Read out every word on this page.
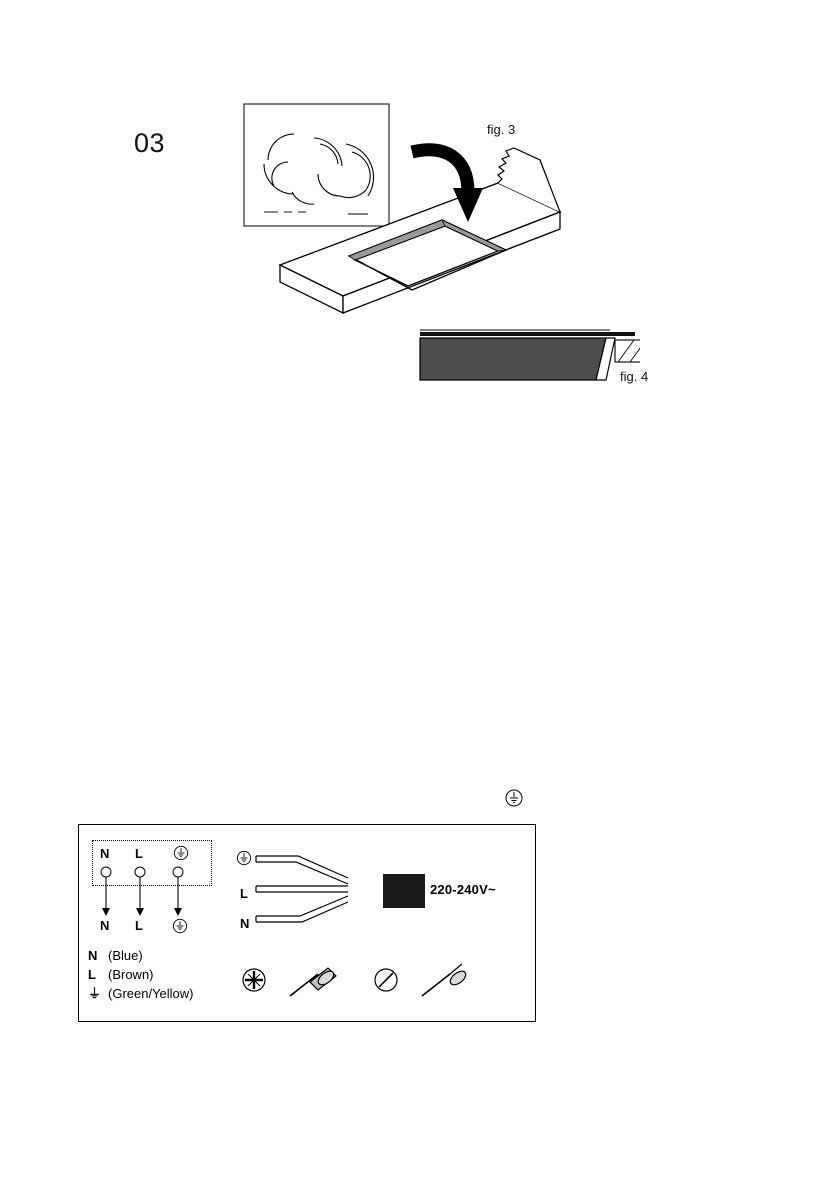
03	fig. 3
fig. 4
N L
N L
L
N
220-240V~
N (Blue)
L (Brown)
⏚ (Green/Yellow)
